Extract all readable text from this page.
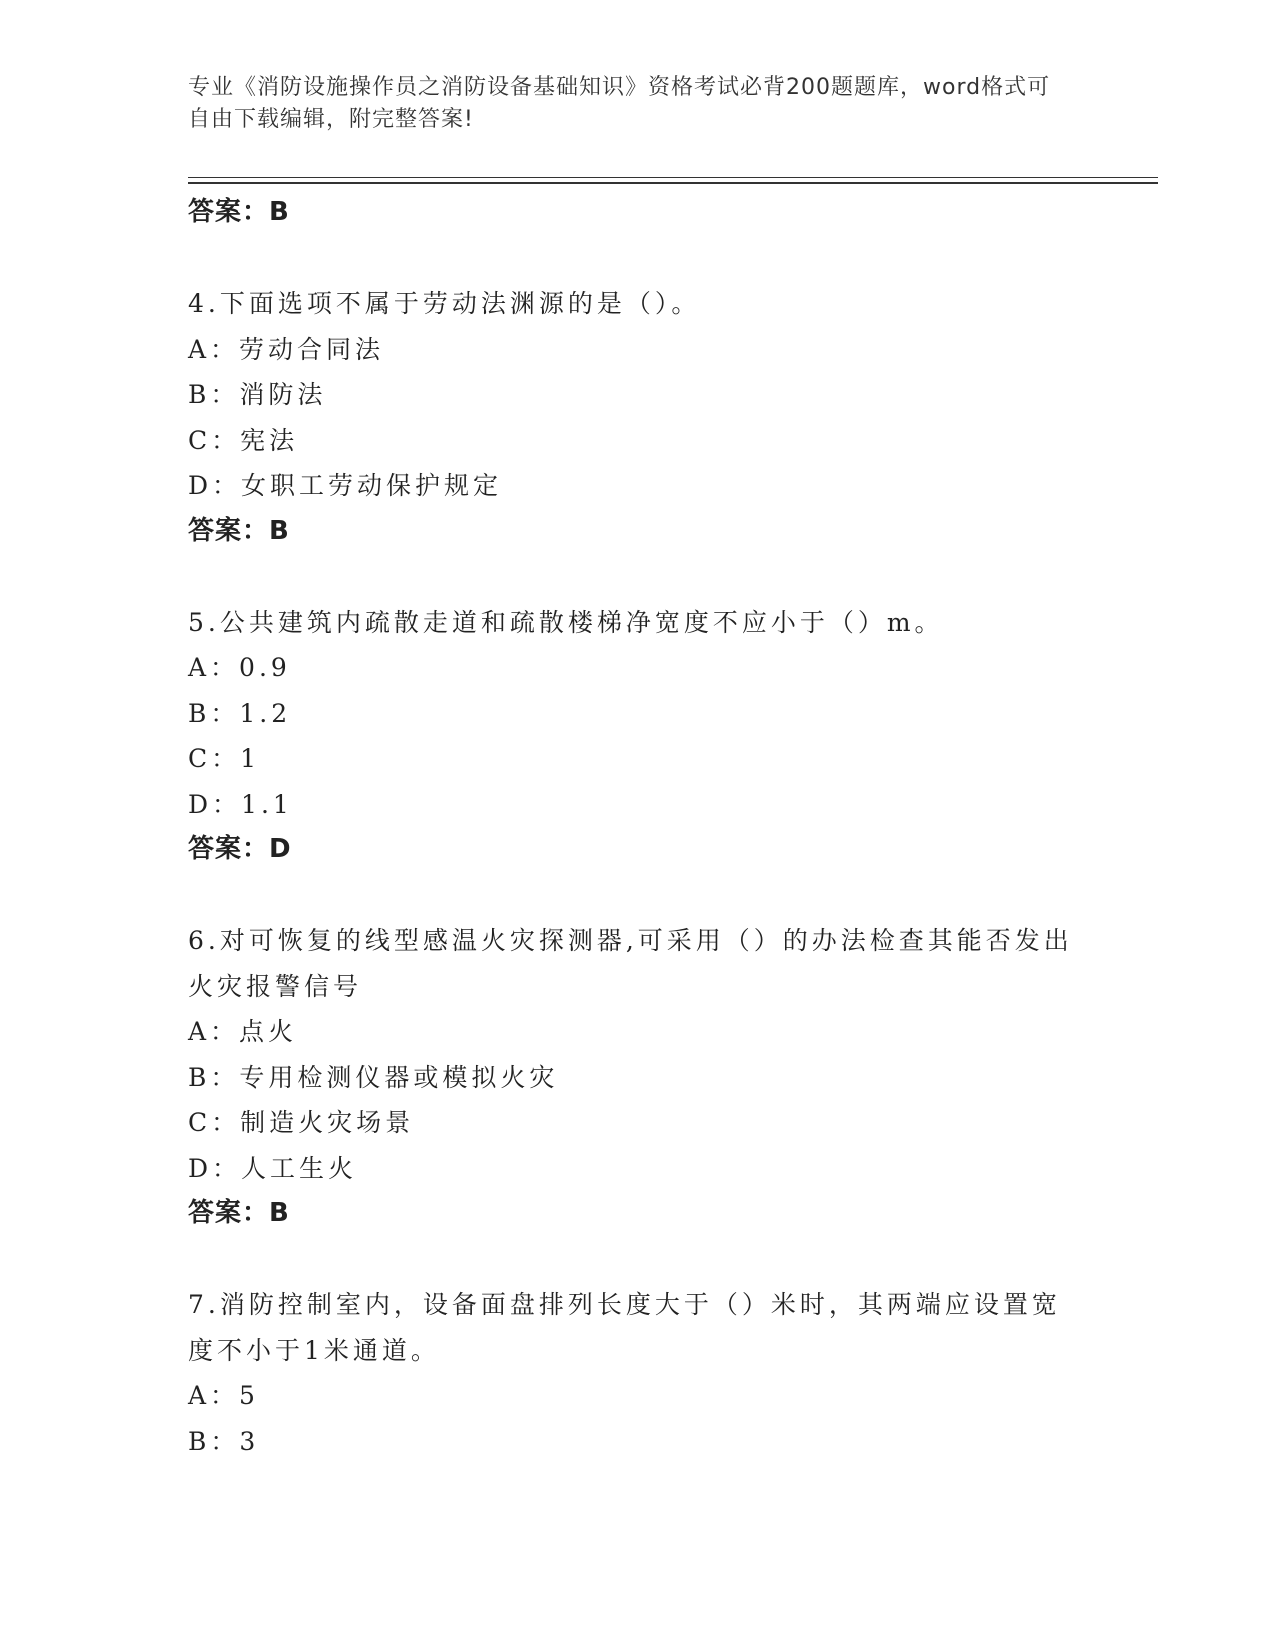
专业《消防设施操作员之消防设备基础知识》资格考试必背200题题库，word格式可自由下载编辑，附完整答案!
答案：B
4.下面选项不属于劳动法渊源的是（）。
A：劳动合同法
B：消防法
C：宪法
D：女职工劳动保护规定
答案：B
5.公共建筑内疏散走道和疏散楼梯净宽度不应小于（）m。
A：0.9
B：1.2
C：1
D：1.1
答案：D
6.对可恢复的线型感温火灾探测器,可采用（）的办法检查其能否发出火灾报警信号
A：点火
B：专用检测仪器或模拟火灾
C：制造火灾场景
D：人工生火
答案：B
7.消防控制室内，设备面盘排列长度大于（）米时，其两端应设置宽度不小于1米通道。
A：5
B：3
